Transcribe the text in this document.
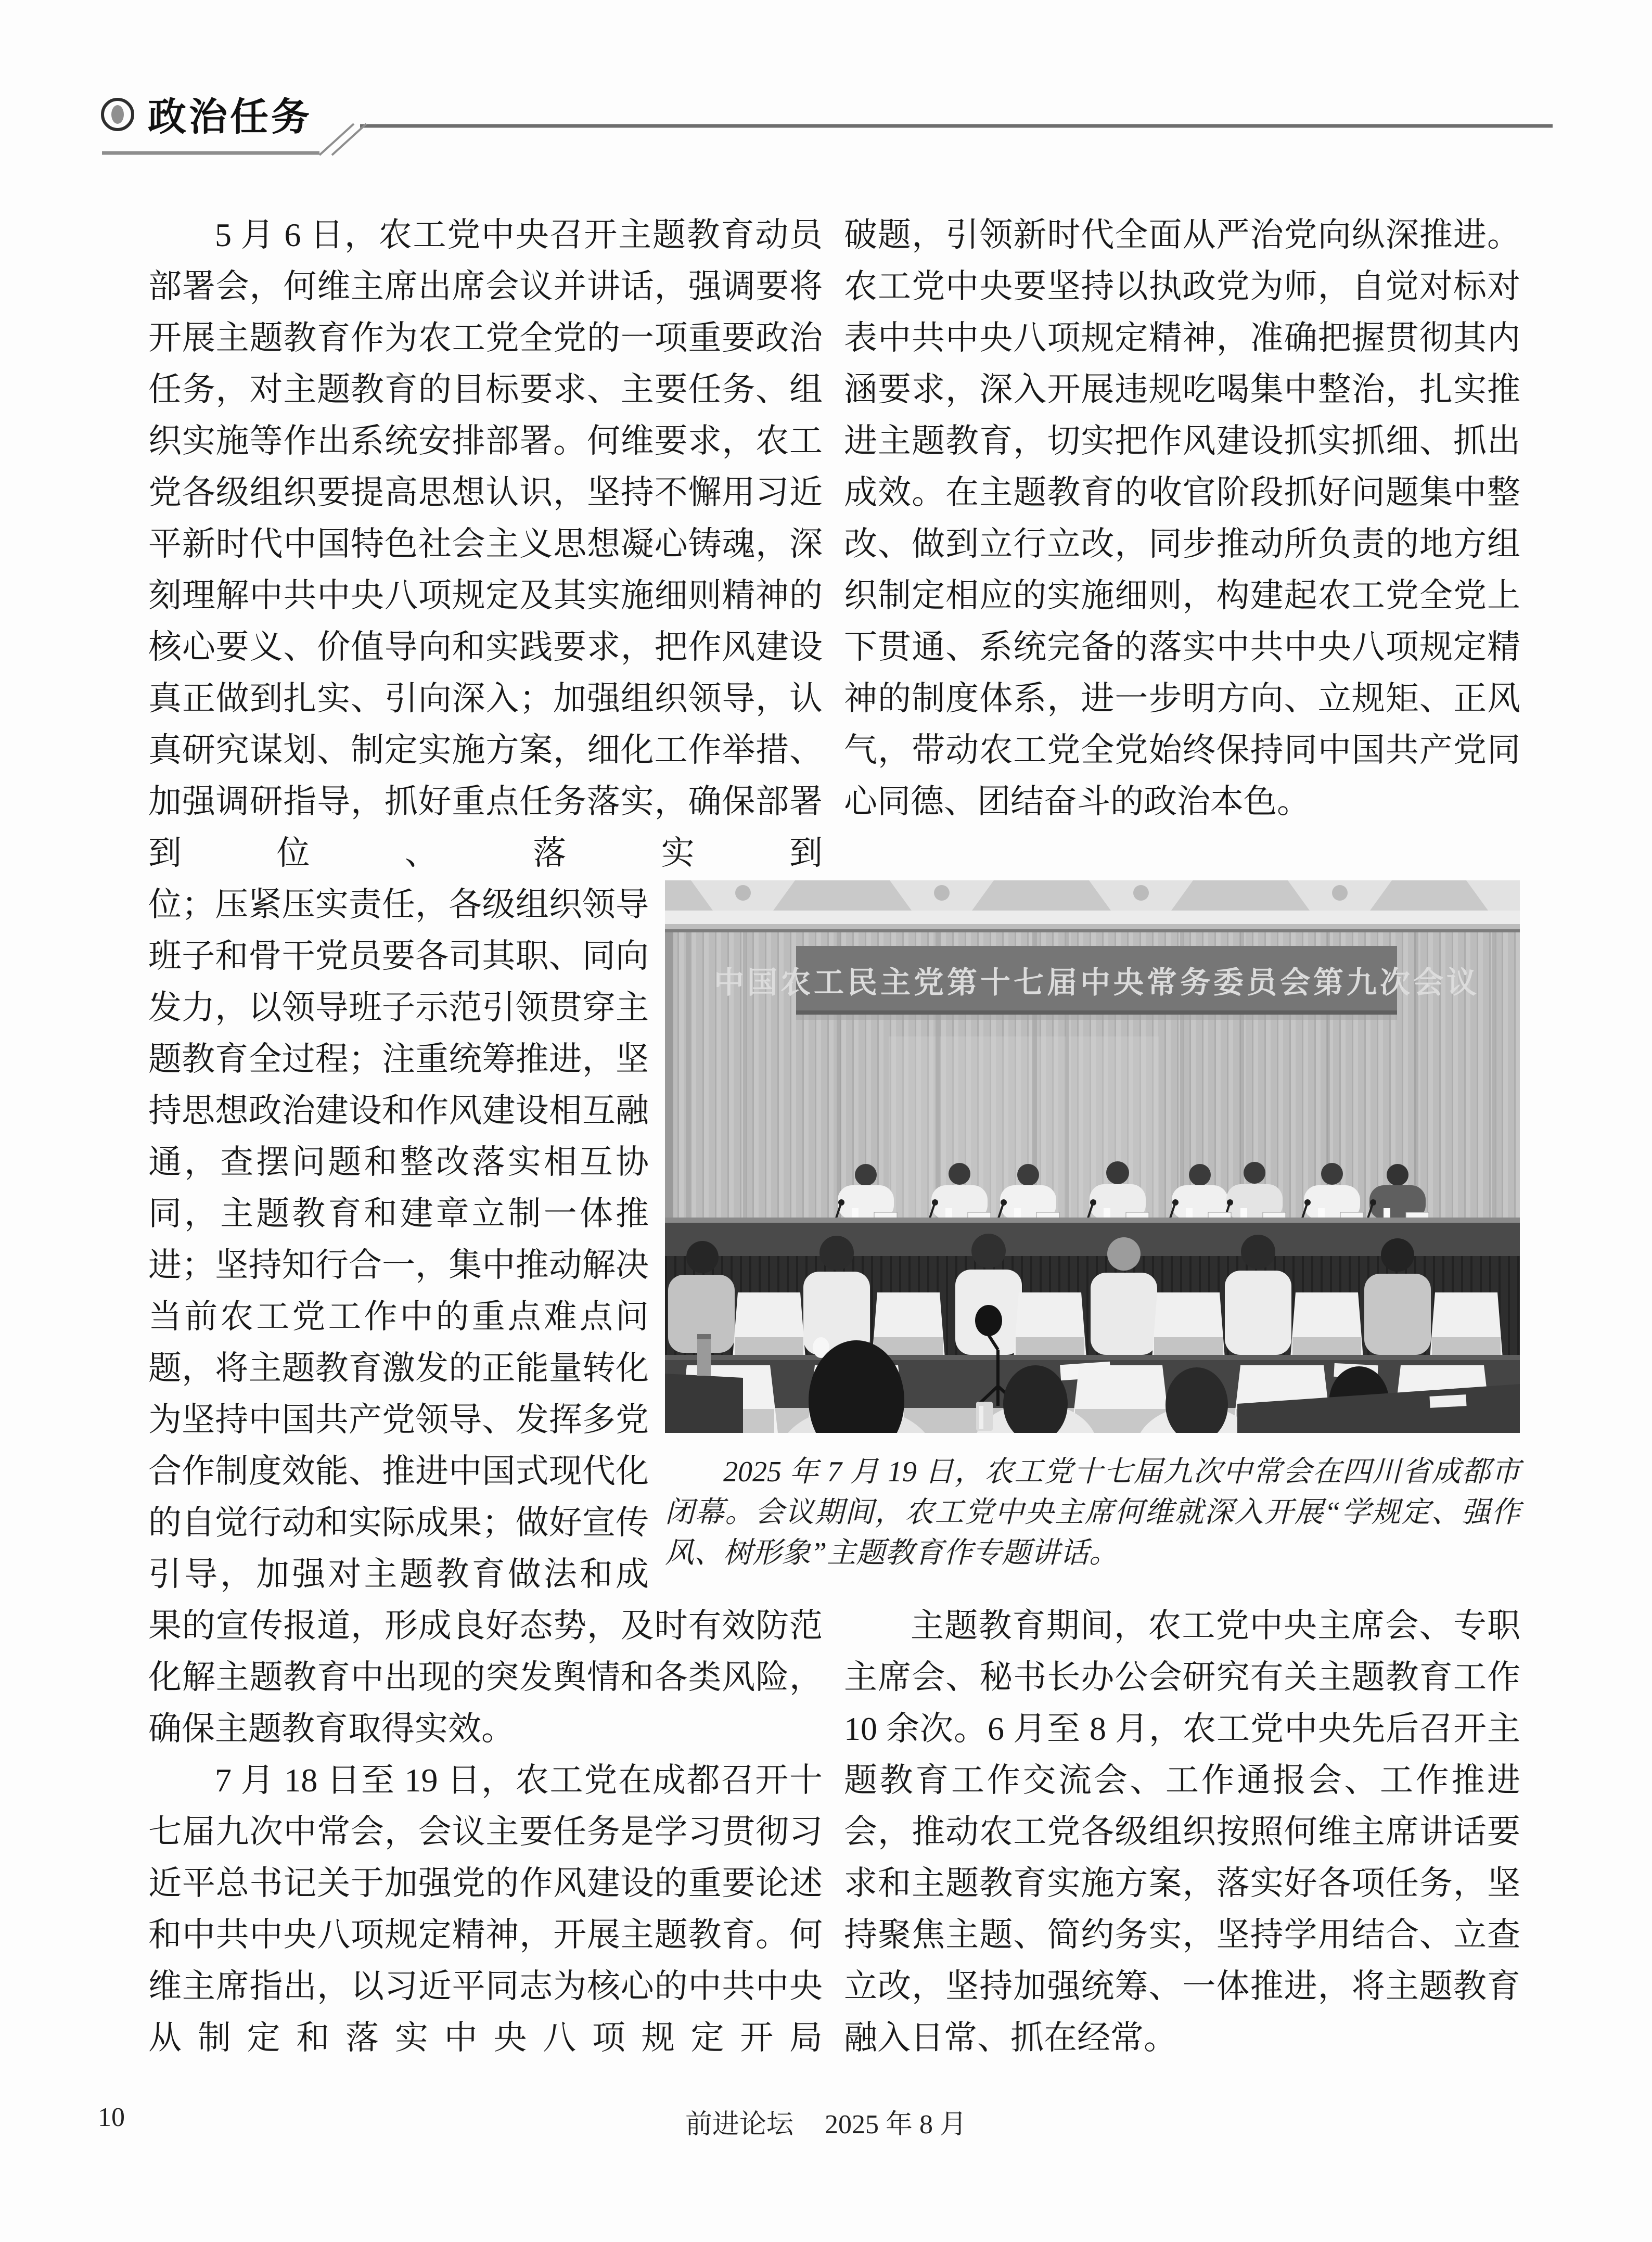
政治任务
5 月 6 日，农工党中央召开主题教育动员部署会，何维主席出席会议并讲话，强调要将开展主题教育作为农工党全党的一项重要政治任务，对主题教育的目标要求、主要任务、组织实施等作出系统安排部署。何维要求，农工党各级组织要提高思想认识，坚持不懈用习近平新时代中国特色社会主义思想凝心铸魂，深刻理解中共中央八项规定及其实施细则精神的核心要义、价值导向和实践要求，把作风建设真正做到扎实、引向深入；加强组织领导，认真研究谋划、制定实施方案，细化工作举措、加强调研指导，抓好重点任务落实，确保部署到位、落实到
位；压紧压实责任，各级组织领导班子和骨干党员要各司其职、同向发力，以领导班子示范引领贯穿主题教育全过程；注重统筹推进，坚持思想政治建设和作风建设相互融通，查摆问题和整改落实相互协同，主题教育和建章立制一体推进；坚持知行合一，集中推动解决当前农工党工作中的重点难点问题，将主题教育激发的正能量转化为坚持中国共产党领导、发挥多党合作制度效能、推进中国式现代化的自觉行动和实际成果；做好宣传引导，加强对主题教育做法和成

果的宣传报道，形成良好态势，及时有效防范化解主题教育中出现的突发舆情和各类风险，确保主题教育取得实效。

7 月 18 日至 19 日，农工党在成都召开十七届九次中常会，会议主要任务是学习贯彻习近平总书记关于加强党的作风建设的重要论述和中共中央八项规定精神，开展主题教育。何维主席指出，以习近平同志为核心的中共中央从制定和落实中央八项规定开局

破题，引领新时代全面从严治党向纵深推进。农工党中央要坚持以执政党为师，自觉对标对表中共中央八项规定精神，准确把握贯彻其内涵要求，深入开展违规吃喝集中整治，扎实推进主题教育，切实把作风建设抓实抓细、抓出成效。在主题教育的收官阶段抓好问题集中整改、做到立行立改，同步推动所负责的地方组织制定相应的实施细则，构建起农工党全党上下贯通、系统完备的落实中共中央八项规定精神的制度体系，进一步明方向、立规矩、正风气，带动农工党全党始终保持同中国共产党同心同德、团结奋斗的政治本色。
主题教育期间，农工党中央主席会、专职主席会、秘书长办公会研究有关主题教育工作 10 余次。6 月至 8 月，农工党中央先后召开主题教育工作交流会、工作通报会、工作推进会，推动农工党各级组织按照何维主席讲话要求和主题教育实施方案，落实好各项任务，坚持聚焦主题、简约务实，坚持学用结合、立查立改，坚持加强统筹、一体推进，将主题教育融入日常、抓在经常。
中国农工民主党第十七届中央常务委员会第九次会议
2025 年 7 月 19 日，农工党十七届九次中常会在四川省成都市闭幕。会议期间，农工党中央主席何维就深入开展“学规定、强作风、树形象”主题教育作专题讲话。
10	前进论坛 2025 年 8 月
